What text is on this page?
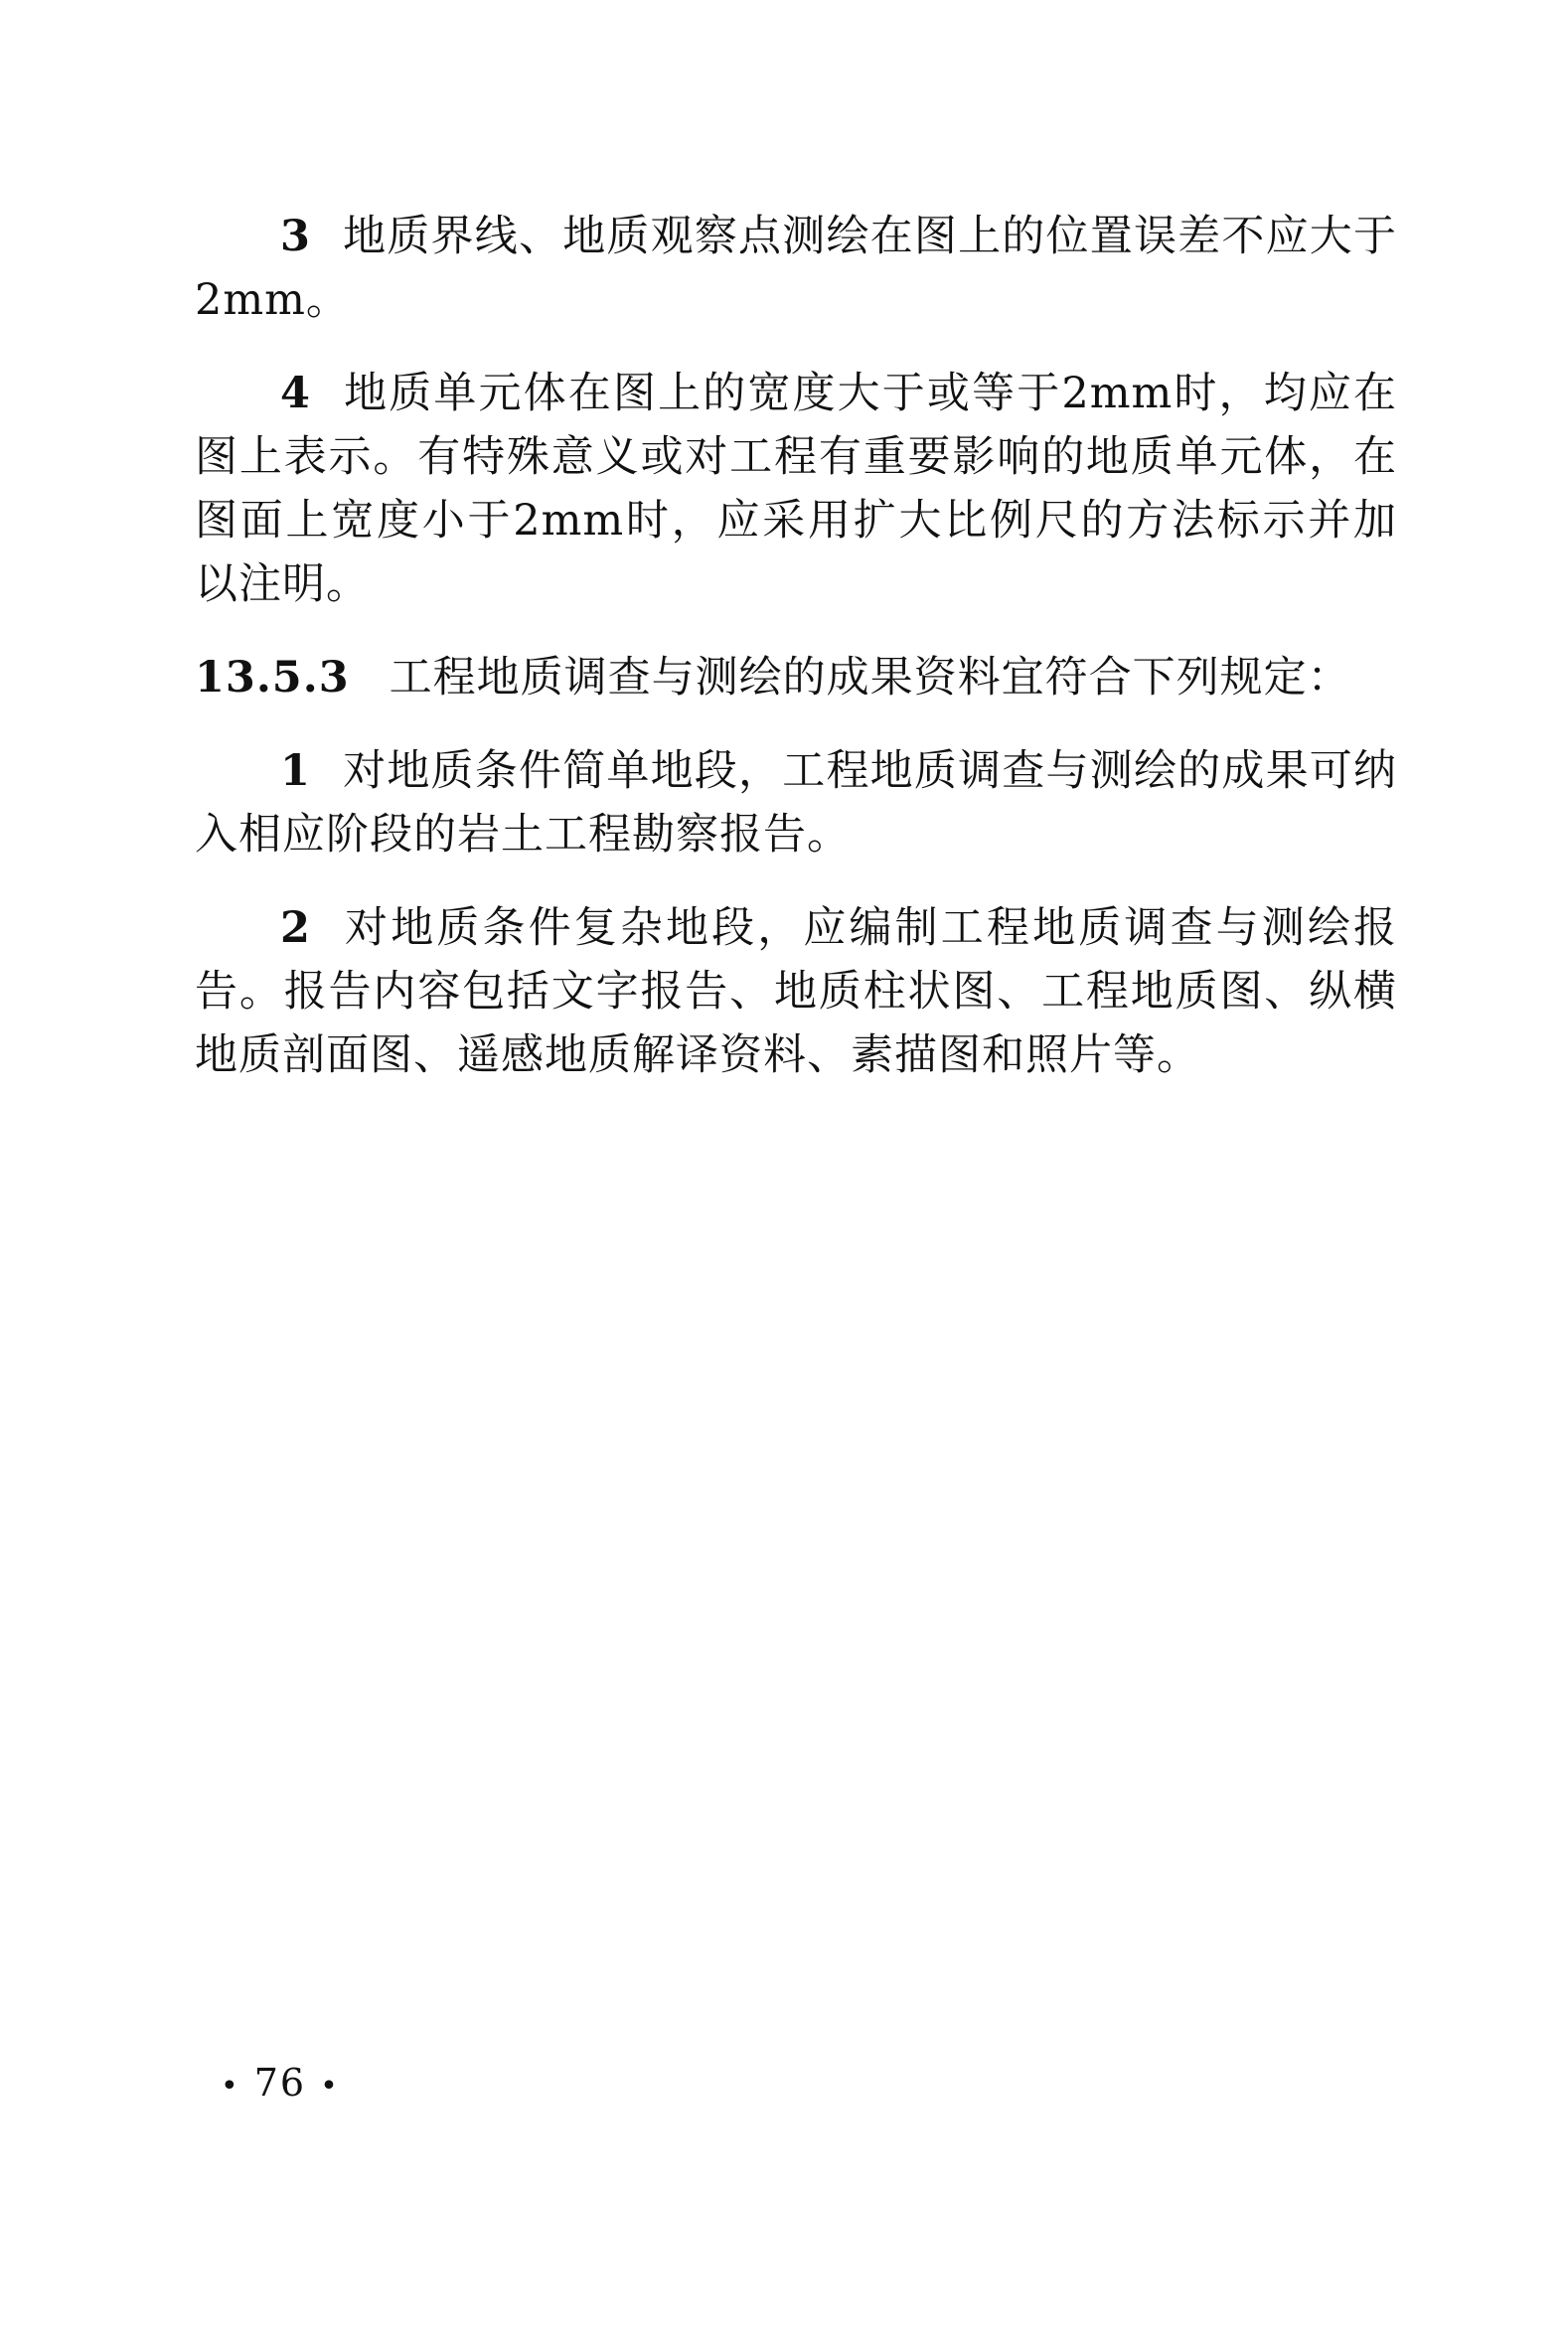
3 地质界线、地质观察点测绘在图上的位置误差不应大于2mm。

4 地质单元体在图上的宽度大于或等于2mm时，均应在图上表示。有特殊意义或对工程有重要影响的地质单元体，在图面上宽度小于2mm时，应采用扩大比例尺的方法标示并加以注明。

13.5.3 工程地质调查与测绘的成果资料宜符合下列规定：

1 对地质条件简单地段，工程地质调查与测绘的成果可纳入相应阶段的岩土工程勘察报告。

2 对地质条件复杂地段，应编制工程地质调查与测绘报告。报告内容包括文字报告、地质柱状图、工程地质图、纵横地质剖面图、遥感地质解译资料、素描图和照片等。

• 76 •
